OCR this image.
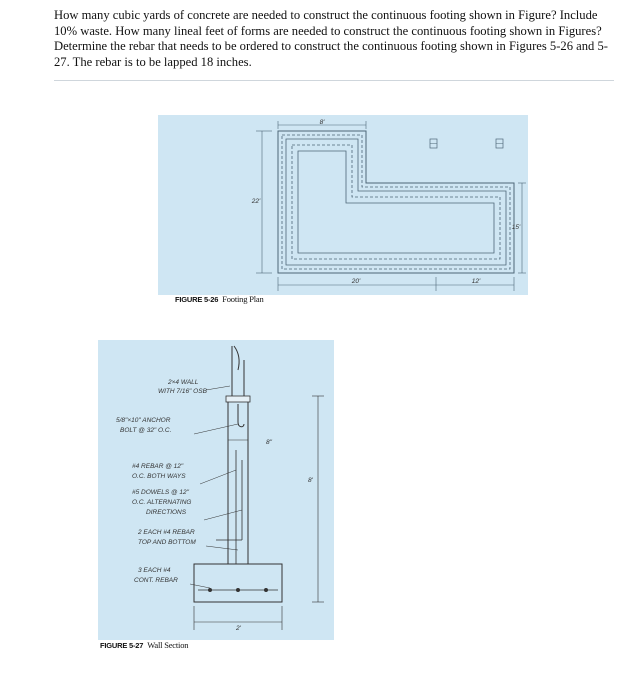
How many cubic yards of concrete are needed to construct the continuous footing shown in Figure? Include 10% waste. How many lineal feet of forms are needed to construct the continuous footing shown in Figures? Determine the rebar that needs to be ordered to construct the continuous footing shown in Figures 5-26 and 5-27. The rebar is to be lapped 18 inches.

8'
22'
20'	12'
15'
FIGURE 5-26 Footing Plan
8"
8'
2'
2×4 WALL
WITH 7/16" OSB
5/8"×10" ANCHOR
BOLT @ 32" O.C.
#4 REBAR @ 12"
O.C. BOTH WAYS
#5 DOWELS @ 12"
O.C. ALTERNATING
DIRECTIONS
2 EACH #4 REBAR
TOP AND BOTTOM
3 EACH #4
CONT. REBAR
FIGURE 5-27 Wall Section
